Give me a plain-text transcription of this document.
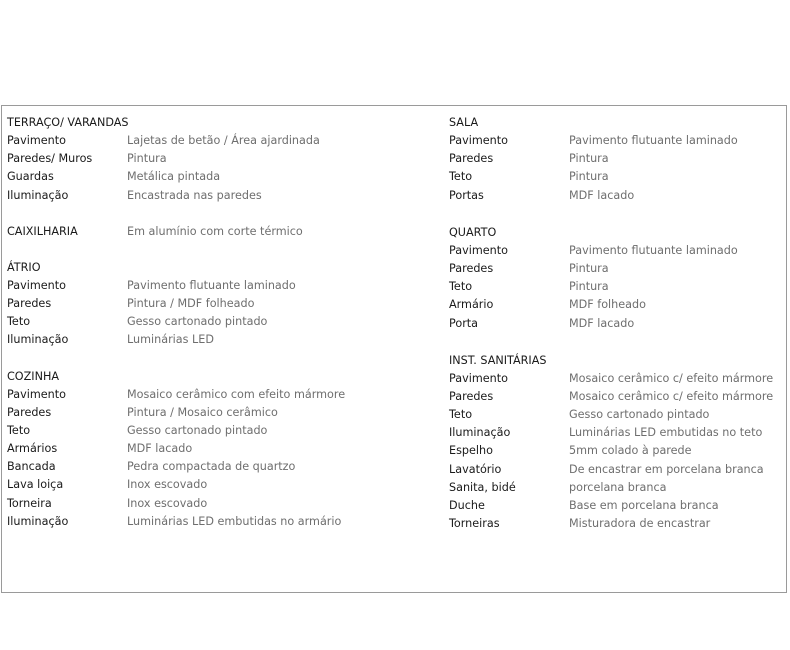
TERRAÇO/ VARANDAS
Pavimento	Lajetas de betão / Área ajardinada
Paredes/ Muros	Pintura
Guardas	Metálica pintada
Iluminação	Encastrada nas paredes
CAIXILHARIA	Em alumínio com corte térmico
ÁTRIO
Pavimento	Pavimento flutuante laminado
Paredes	Pintura / MDF folheado
Teto	Gesso cartonado pintado
Iluminação	Luminárias LED
COZINHA
Pavimento	Mosaico cerâmico com efeito mármore
Paredes	Pintura / Mosaico cerâmico
Teto	Gesso cartonado pintado
Armários	MDF lacado
Bancada	Pedra compactada de quartzo
Lava loiça	Inox escovado
Torneira	Inox escovado
Iluminação	Luminárias LED embutidas no armário
SALA
Pavimento	Pavimento flutuante laminado
Paredes	Pintura
Teto	Pintura
Portas	MDF lacado
QUARTO
Pavimento	Pavimento flutuante laminado
Paredes	Pintura
Teto	Pintura
Armário	MDF folheado
Porta	MDF lacado
INST. SANITÁRIAS
Pavimento	Mosaico cerâmico c/ efeito mármore
Paredes	Mosaico cerâmico c/ efeito mármore
Teto	Gesso cartonado pintado
Iluminação	Luminárias LED embutidas no teto
Espelho	5mm colado à parede
Lavatório	De encastrar em porcelana branca
Sanita, bidé	porcelana branca
Duche	Base em porcelana branca
Torneiras	Misturadora de encastrar
